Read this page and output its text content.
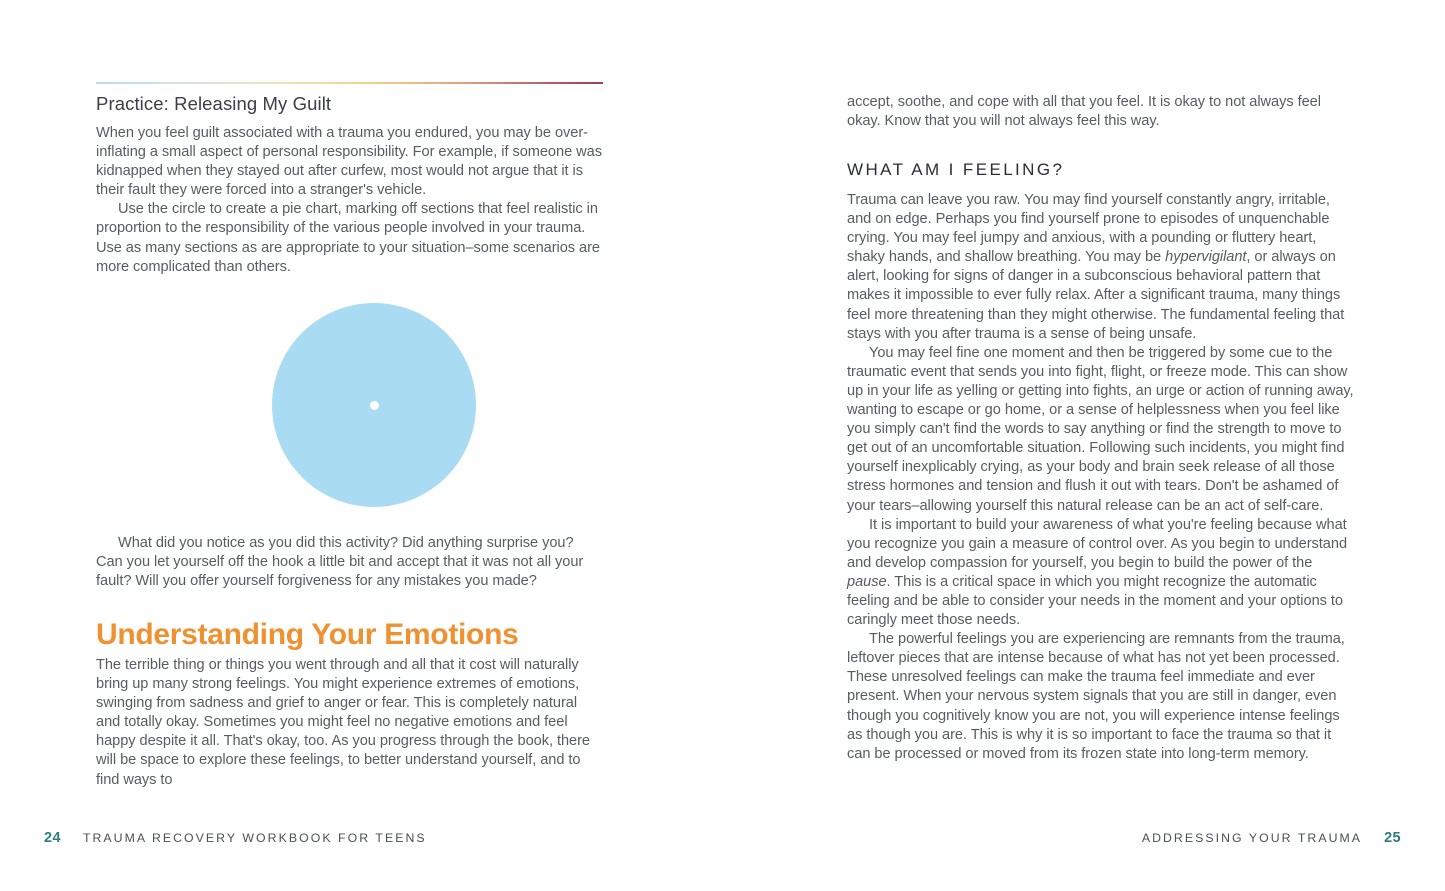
Practice: Releasing My Guilt

When you feel guilt associated with a trauma you endured, you may be over-inflating a small aspect of personal responsibility. For example, if someone was kidnapped when they stayed out after curfew, most would not argue that it is their fault they were forced into a stranger's vehicle.

Use the circle to create a pie chart, marking off sections that feel realistic in proportion to the responsibility of the various people involved in your trauma. Use as many sections as are appropriate to your situation–some scenarios are more complicated than others.

What did you notice as you did this activity? Did anything surprise you? Can you let yourself off the hook a little bit and accept that it was not all your fault? Will you offer yourself forgiveness for any mistakes you made?

Understanding Your Emotions

The terrible thing or things you went through and all that it cost will naturally bring up many strong feelings. You might experience extremes of emotions, swinging from sadness and grief to anger or fear. This is completely natural and totally okay. Sometimes you might feel no negative emotions and feel happy despite it all. That's okay, too. As you progress through the book, there will be space to explore these feelings, to better understand yourself, and to find ways to

accept, soothe, and cope with all that you feel. It is okay to not always feel okay. Know that you will not always feel this way.

WHAT AM I FEELING?

Trauma can leave you raw. You may find yourself constantly angry, irritable, and on edge. Perhaps you find yourself prone to episodes of unquenchable crying. You may feel jumpy and anxious, with a pounding or fluttery heart, shaky hands, and shallow breathing. You may be hypervigilant, or always on alert, looking for signs of danger in a subconscious behavioral pattern that makes it impossible to ever fully relax. After a significant trauma, many things feel more threatening than they might otherwise. The fundamental feeling that stays with you after trauma is a sense of being unsafe.

You may feel fine one moment and then be triggered by some cue to the traumatic event that sends you into fight, flight, or freeze mode. This can show up in your life as yelling or getting into fights, an urge or action of running away, wanting to escape or go home, or a sense of helplessness when you feel like you simply can't find the words to say anything or find the strength to move to get out of an uncomfortable situation. Following such incidents, you might find yourself inexplicably crying, as your body and brain seek release of all those stress hormones and tension and flush it out with tears. Don't be ashamed of your tears–allowing yourself this natural release can be an act of self-care.

It is important to build your awareness of what you're feeling because what you recognize you gain a measure of control over. As you begin to understand and develop compassion for yourself, you begin to build the power of the pause. This is a critical space in which you might recognize the automatic feeling and be able to consider your needs in the moment and your options to caringly meet those needs.

The powerful feelings you are experiencing are remnants from the trauma, leftover pieces that are intense because of what has not yet been processed. These unresolved feelings can make the trauma feel immediate and ever present. When your nervous system signals that you are still in danger, even though you cognitively know you are not, you will experience intense feelings as though you are. This is why it is so important to face the trauma so that it can be processed or moved from its frozen state into long-term memory.

24 TRAUMA RECOVERY WORKBOOK FOR TEENS	ADDRESSING YOUR TRAUMA 25
